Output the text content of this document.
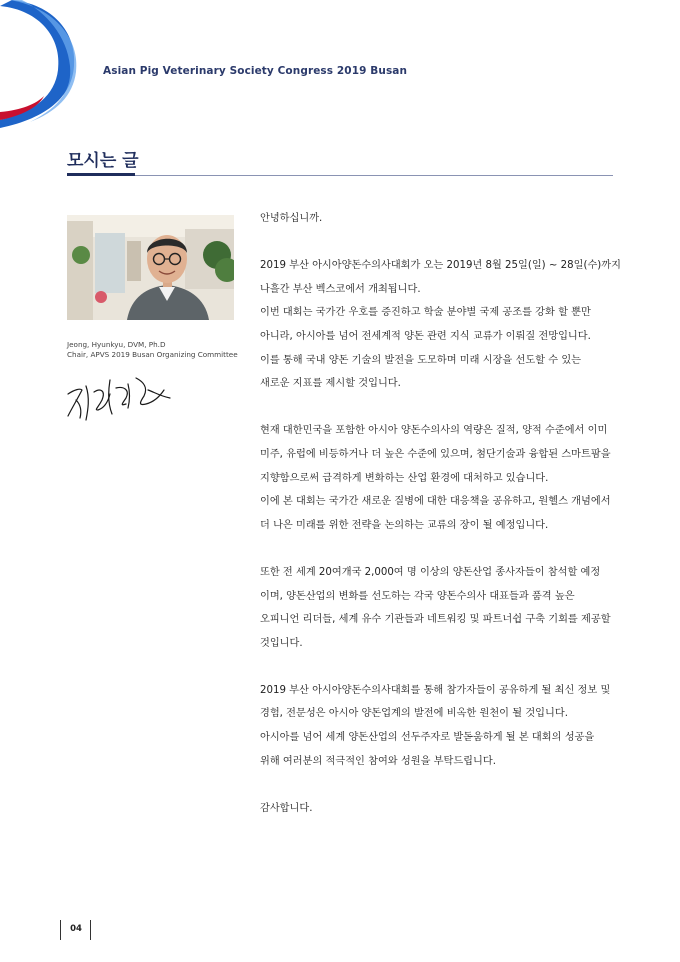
Asian Pig Veterinary Society Congress 2019 Busan
모시는 글
Jeong, Hyunkyu, DVM, Ph.D
Chair, APVS 2019 Busan Organizing Committee

안녕하십니까.

2019 부산 아시아양돈수의사대회가 오는 2019년 8월 25일(일) ~ 28일(수)까지

나흘간 부산 벡스코에서 개최됩니다.

이번 대회는 국가간 우호를 증진하고 학술 분야별 국제 공조를 강화 할 뿐만

아니라, 아시아를 넘어 전세계적 양돈 관련 지식 교류가 이뤄질 전망입니다.

이를 통해 국내 양돈 기술의 발전을 도모하며 미래 시장을 선도할 수 있는

새로운 지표를 제시할 것입니다.

현재 대한민국을 포함한 아시아 양돈수의사의 역량은 질적, 양적 수준에서 이미

미주, 유럽에 비등하거나 더 높은 수준에 있으며, 첨단기술과 융합된 스마트팜을

지향함으로써 급격하게 변화하는 산업 환경에 대처하고 있습니다.

이에 본 대회는 국가간 새로운 질병에 대한 대응책을 공유하고, 원헬스 개념에서

더 나은 미래를 위한 전략을 논의하는 교류의 장이 될 예정입니다.

또한 전 세계 20여개국 2,000여 명 이상의 양돈산업 종사자들이 참석할 예정

이며, 양돈산업의 변화를 선도하는 각국 양돈수의사 대표들과 품격 높은

오피니언 리더들, 세계 유수 기관들과 네트워킹 및 파트너쉽 구축 기회를 제공할

것입니다.

2019 부산 아시아양돈수의사대회를 통해 참가자들이 공유하게 될 최신 정보 및

경험, 전문성은 아시아 양돈업계의 발전에 비옥한 원천이 될 것입니다.

아시아를 넘어 세계 양돈산업의 선두주자로 발돋움하게 될 본 대회의 성공을

위해 여러분의 적극적인 참여와 성원을 부탁드립니다.

감사합니다.

04
